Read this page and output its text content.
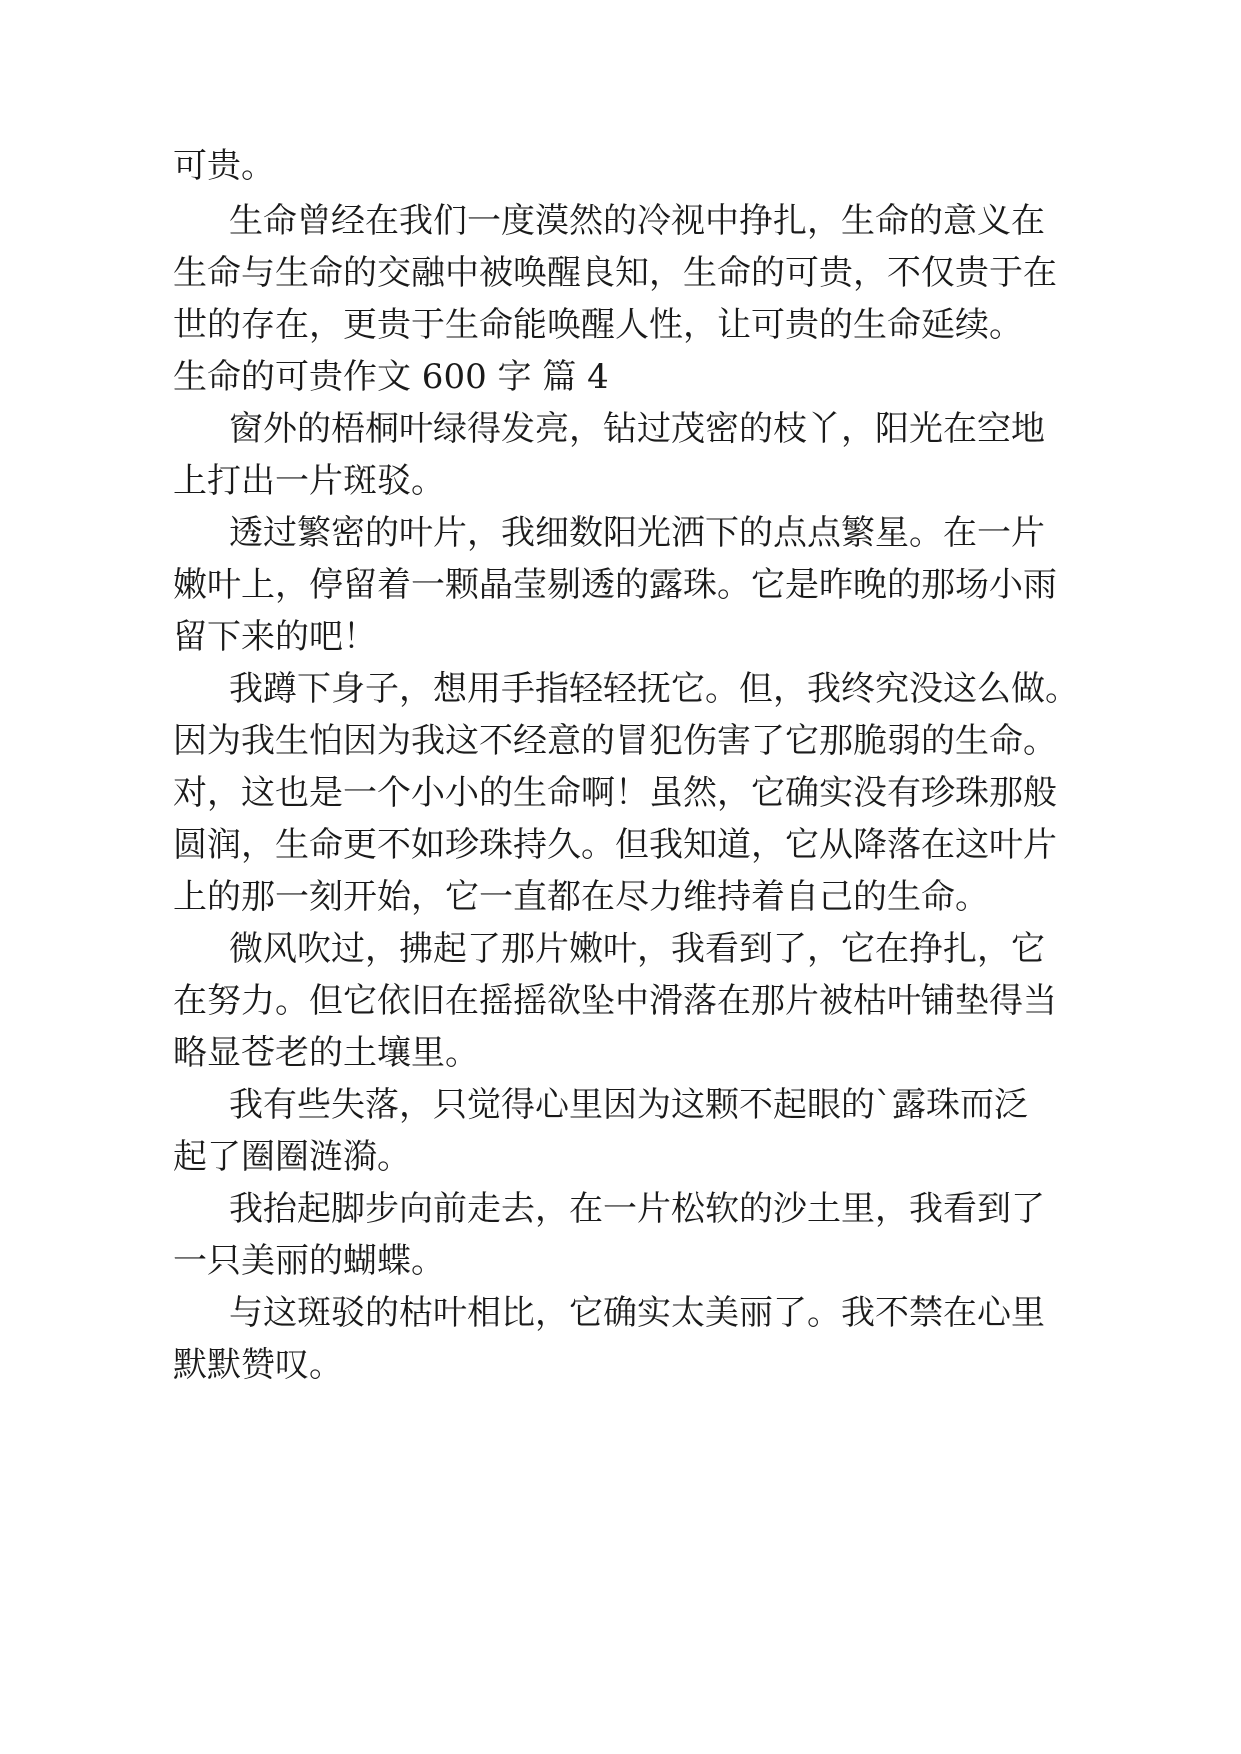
可贵。
生命曾经在我们一度漠然的冷视中挣扎，生命的意义在
生命与生命的交融中被唤醒良知，生命的可贵，不仅贵于在
世的存在，更贵于生命能唤醒人性，让可贵的生命延续。
生命的可贵作文 600 字 篇 4
窗外的梧桐叶绿得发亮，钻过茂密的枝丫，阳光在空地
上打出一片斑驳。
透过繁密的叶片，我细数阳光洒下的点点繁星。在一片
嫩叶上，停留着一颗晶莹剔透的露珠。它是昨晚的那场小雨
留下来的吧！
我蹲下身子，想用手指轻轻抚它。但，我终究没这么做。
因为我生怕因为我这不经意的冒犯伤害了它那脆弱的生命。
对，这也是一个小小的生命啊！虽然，它确实没有珍珠那般
圆润，生命更不如珍珠持久。但我知道，它从降落在这叶片
上的那一刻开始，它一直都在尽力维持着自己的生命。
微风吹过，拂起了那片嫩叶，我看到了，它在挣扎，它
在努力。但它依旧在摇摇欲坠中滑落在那片被枯叶铺垫得当
略显苍老的土壤里。
我有些失落，只觉得心里因为这颗不起眼的`露珠而泛
起了圈圈涟漪。
我抬起脚步向前走去，在一片松软的沙土里，我看到了
一只美丽的蝴蝶。
与这斑驳的枯叶相比，它确实太美丽了。我不禁在心里
默默赞叹。
